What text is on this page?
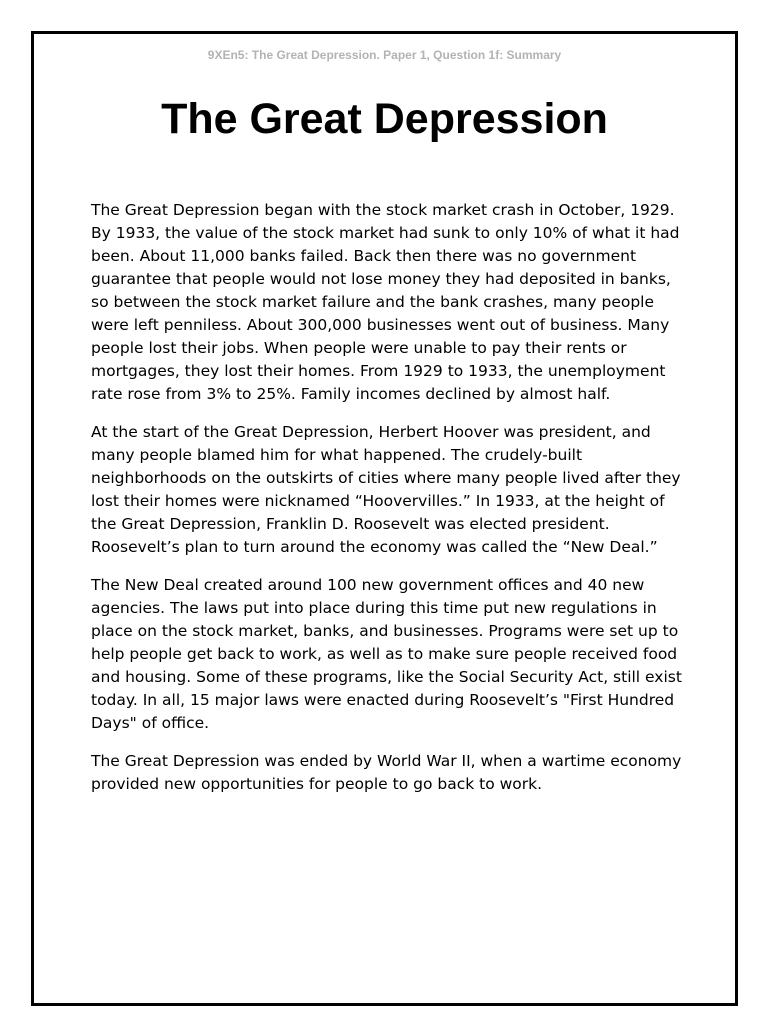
9XEn5: The Great Depression. Paper 1, Question 1f: Summary
The Great Depression

The Great Depression began with the stock market crash in October, 1929. By 1933, the value of the stock market had sunk to only 10% of what it had been. About 11,000 banks failed. Back then there was no government guarantee that people would not lose money they had deposited in banks, so between the stock market failure and the bank crashes, many people were left penniless. About 300,000 businesses went out of business. Many people lost their jobs. When people were unable to pay their rents or mortgages, they lost their homes. From 1929 to 1933, the unemployment rate rose from 3% to 25%. Family incomes declined by almost half.

At the start of the Great Depression, Herbert Hoover was president, and many people blamed him for what happened. The crudely-built neighborhoods on the outskirts of cities where many people lived after they lost their homes were nicknamed “Hoovervilles.” In 1933, at the height of the Great Depression, Franklin D. Roosevelt was elected president. Roosevelt’s plan to turn around the economy was called the “New Deal.”

The New Deal created around 100 new government offices and 40 new agencies. The laws put into place during this time put new regulations in place on the stock market, banks, and businesses. Programs were set up to help people get back to work, as well as to make sure people received food and housing. Some of these programs, like the Social Security Act, still exist today. In all, 15 major laws were enacted during Roosevelt’s "First Hundred Days" of office.

The Great Depression was ended by World War II, when a wartime economy provided new opportunities for people to go back to work.
